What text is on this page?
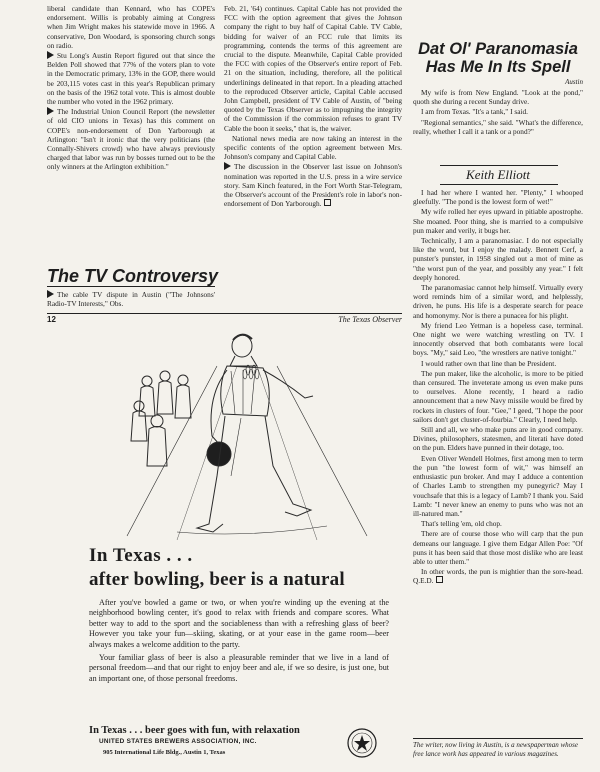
liberal candidate than Kennard, who has COPE's endorsement. Willis is probably aiming at Congress when Jim Wright makes his statewide move in 1966. A conservative, Don Woodard, is sponsoring church songs on radio.

Stu Long's Austin Report figured out that since the Belden Poll showed that 77% of the voters plan to vote in the Democratic primary, 13% in the GOP, there would be 203,115 votes cast in this year's Republican primary on the basis of the 1962 total vote. This is almost double the number who voted in the 1962 primary.

The Industrial Union Council Report (the newsletter of old CIO unions in Texas) has this comment on COPE's non-endorsement of Don Yarborough at Arlington: "Isn't it ironic that the very politicians (the Connally-Shivers crowd) who have always previously charged that labor was run by bosses turned out to be the only winners at the Arlington exhibition."

The TV Controversy

The cable TV dispute in Austin ("The Johnsons' Radio-TV Interests," Obs.

Feb. 21, '64) continues. Capital Cable has not provided the FCC with the option agreement that gives the Johnson company the right to buy half of Capital Cable. TV Cable, bidding for waiver of an FCC rule that limits its programming, contends the terms of this agreement are crucial to the dispute. Meanwhile, Capital Cable provided the FCC with copies of the Observer's entire report of Feb. 21 on the situation, including, therefore, all the political underlinings delineated in that report. In a pleading attached to the reproduced Observer article, Capital Cable accused John Campbell, president of TV Cable of Austin, of "being quoted by the Texas Observer as to impugning the integrity of the Commission if the commission refuses to grant TV Cable the boon it seeks," that is, the waiver.

National news media are now taking an interest in the specific contents of the option agreement between Mrs. Johnson's company and Capital Cable.

The discussion in the Observer last issue on Johnson's nomination was reported in the U.S. press in a wire service story. Sam Kinch featured, in the Fort Worth Star-Telegram, the Observer's account of the President's role in labor's non-endorsement of Don Yarborough.

12	The Texas Observer
In Texas . . .
after bowling, beer is a natural

After you've bowled a game or two, or when you're winding up the evening at the neighborhood bowling center, it's good to relax with friends and compare scores. What better way to add to the sport and the sociableness than with a refreshing glass of beer? However you take your fun—skiing, skating, or at your ease in the game room—beer always makes a welcome addition to the party.

Your familiar glass of beer is also a pleasurable reminder that we live in a land of personal freedom—and that our right to enjoy beer and ale, if we so desire, is just one, but an important one, of those personal freedoms.

In Texas . . . beer goes with fun, with relaxation
UNITED STATES BREWERS ASSOCIATION, INC.
905 International Life Bldg., Austin 1, Texas
Dat Ol' Paranomasia
Has Me In Its Spell
Austin

My wife is from New England. "Look at the pond," quoth she during a recent Sunday drive.

I am from Texas. "It's a tank," I said.

"Regional semantics," she said. "What's the difference, really, whether I call it a tank or a pond?"

Keith Elliott

I had her where I wanted her. "Plenty," I whooped gleefully. "The pond is the lowest form of wet!"

My wife rolled her eyes upward in pitiable apostrophe. She moaned. Poor thing, she is married to a compulsive pun maker and verily, it bugs her.

Technically, I am a paranomasiac. I do not especially like the word, but I enjoy the malady. Bennett Cerf, a punster's punster, in 1958 singled out a mot of mine as "the worst pun of the year, and possibly any year." I felt deeply honored.

The paranomasiac cannot help himself. Virtually every word reminds him of a similar word, and helplessly, driven, he puns. His life is a desperate search for peace and homonymy. Nor is there a punacea for his plight.

My friend Leo Yetman is a hopeless case, terminal. One night we were watching wrestling on TV. I innocently observed that both combatants were local boys. "My," said Leo, "the wrestlers are native tonight."

I would rather own that line than be President.

The pun maker, like the alcoholic, is more to be pitied than censured. The inveterate among us even make puns to ourselves. Alone recently, I heard a radio announcement that a new Navy missile would be fired by rockets in clusters of four. "Gee," I geed, "I hope the poor sailors don't get cluster-of-fourbia." Clearly, I need help.

Still and all, we who make puns are in good company. Divines, philosophers, statesmen, and literati have doted on the pun. Elders have punned in their dotage, too.

Even Oliver Wendell Holmes, first among men to term the pun "the lowest form of wit," was himself an enthusiastic pun broker. And may I adduce a contention of Charles Lamb to strengthen my punegyric? May I vouchsafe that this is a legacy of Lamb? I thank you. Said Lamb: "I never knew an enemy to puns who was not an ill-natured man."

That's telling 'em, old chop.

There are of course those who will carp that the pun demeans our language. I give them Edgar Allen Poe: "Of puns it has been said that those most dislike who are least able to utter them."

In other words, the pun is mightier than the sore-head. Q.E.D.

The writer, now living in Austin, is a newspaperman whose free lance work has appeared in various magazines.
